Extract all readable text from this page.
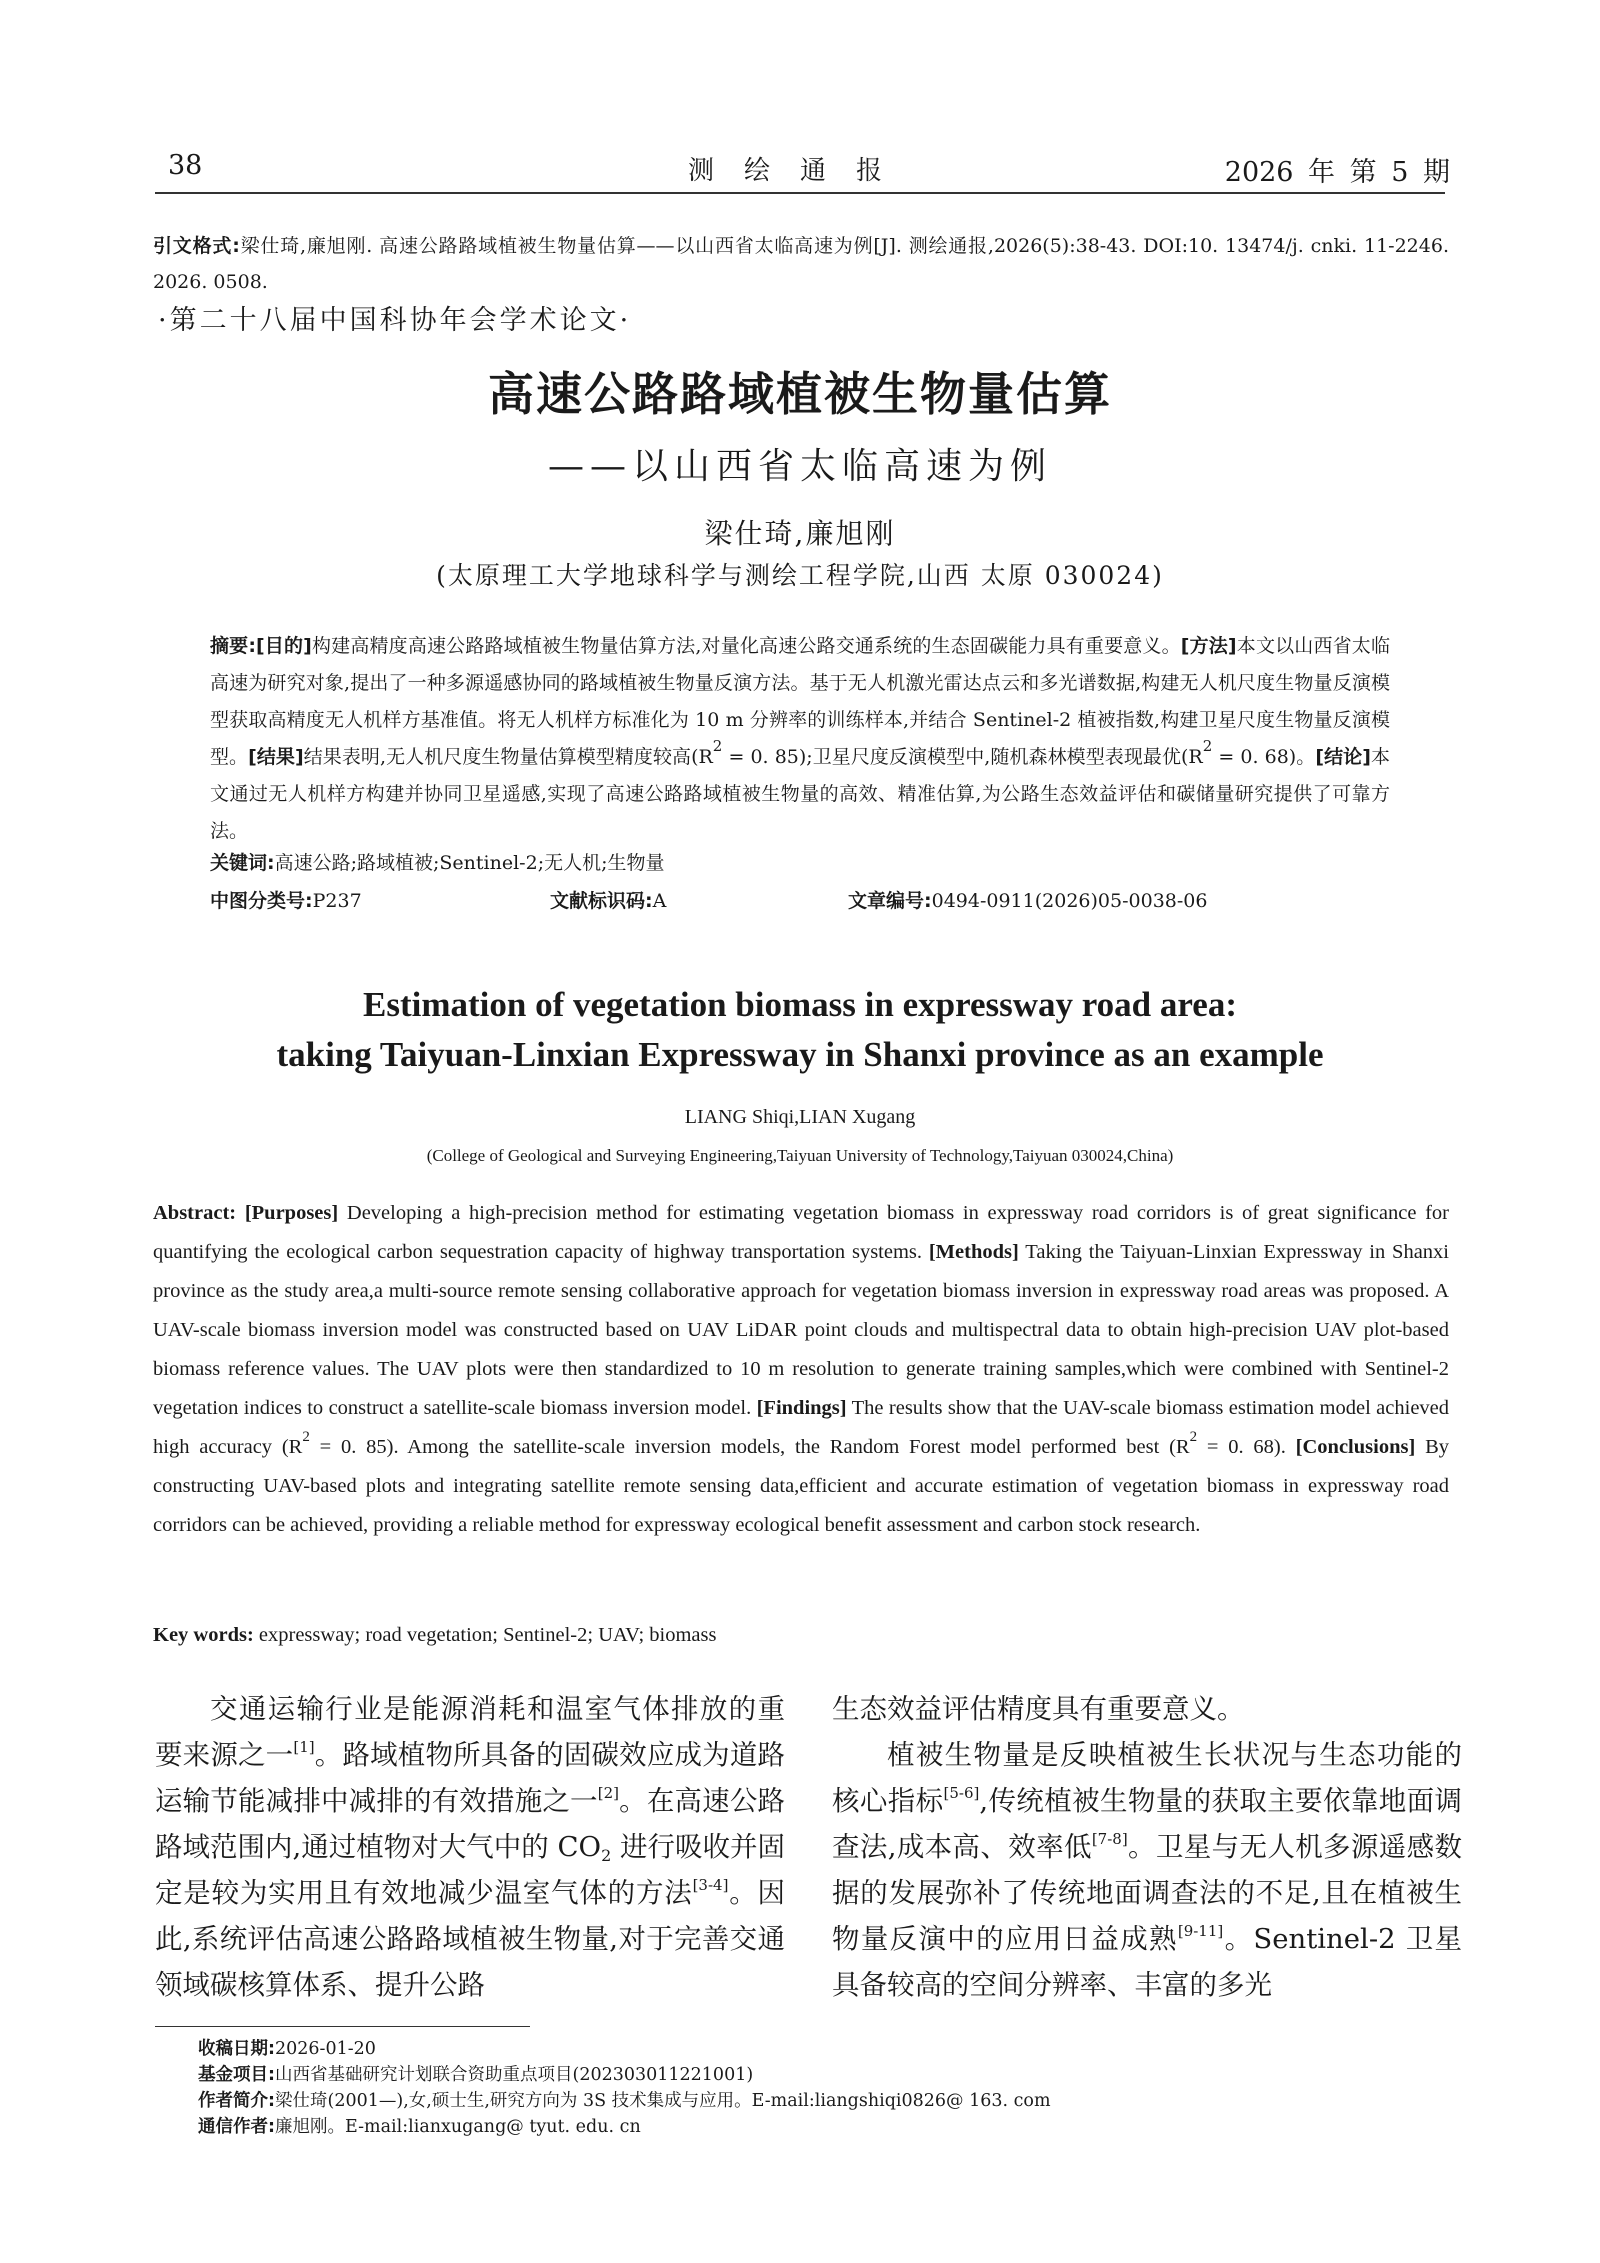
38	测绘通报	2026 年 第 5 期
引文格式:梁仕琦,廉旭刚. 高速公路路域植被生物量估算——以山西省太临高速为例[J]. 测绘通报,2026(5):38-43. DOI:10. 13474/j. cnki. 11-2246. 2026. 0508.
·第二十八届中国科协年会学术论文·
高速公路路域植被生物量估算
——以山西省太临高速为例
梁仕琦,廉旭刚
(太原理工大学地球科学与测绘工程学院,山西 太原 030024)
摘要:[目的]构建高精度高速公路路域植被生物量估算方法,对量化高速公路交通系统的生态固碳能力具有重要意义。[方法]本文以山西省太临高速为研究对象,提出了一种多源遥感协同的路域植被生物量反演方法。基于无人机激光雷达点云和多光谱数据,构建无人机尺度生物量反演模型获取高精度无人机样方基准值。将无人机样方标准化为 10 m 分辨率的训练样本,并结合 Sentinel-2 植被指数,构建卫星尺度生物量反演模型。[结果]结果表明,无人机尺度生物量估算模型精度较高($R^2 = 0$. 85);卫星尺度反演模型中,随机森林模型表现最优($R^2 = 0$. 68)。[结论]本文通过无人机样方构建并协同卫星遥感,实现了高速公路路域植被生物量的高效、精准估算,为公路生态效益评估和碳储量研究提供了可靠方法。
关键词:高速公路;路域植被;Sentinel-2;无人机;生物量
中图分类号:P237	文献标识码:A	文章编号:0494-0911(2026)05-0038-06
Estimation of vegetation biomass in expressway road area:
taking Taiyuan-Linxian Expressway in Shanxi province as an example
LIANG Shiqi,LIAN Xugang
(College of Geological and Surveying Engineering,Taiyuan University of Technology,Taiyuan 030024,China)
Abstract: [Purposes] Developing a high-precision method for estimating vegetation biomass in expressway road corridors is of great significance for quantifying the ecological carbon sequestration capacity of highway transportation systems. [Methods] Taking the Taiyuan-Linxian Expressway in Shanxi province as the study area,a multi-source remote sensing collaborative approach for vegetation biomass inversion in expressway road areas was proposed. A UAV-scale biomass inversion model was constructed based on UAV LiDAR point clouds and multispectral data to obtain high-precision UAV plot-based biomass reference values. The UAV plots were then standardized to 10 m resolution to generate training samples,which were combined with Sentinel-2 vegetation indices to construct a satellite-scale biomass inversion model. [Findings] The results show that the UAV-scale biomass estimation model achieved high accuracy ($R^2 = 0$. 85). Among the satellite-scale inversion models, the Random Forest model performed best ($R^2 = 0$. 68). [Conclusions] By constructing UAV-based plots and integrating satellite remote sensing data,efficient and accurate estimation of vegetation biomass in expressway road corridors can be achieved, providing a reliable method for expressway ecological benefit assessment and carbon stock research.
Key words: expressway; road vegetation; Sentinel-2; UAV; biomass

交通运输行业是能源消耗和温室气体排放的重要来源之一[1]。路域植物所具备的固碳效应成为道路运输节能减排中减排的有效措施之一[2]。在高速公路路域范围内,通过植物对大气中的 $CO_2$ 进行吸收并固定是较为实用且有效地减少温室气体的方法[3-4]。因此,系统评估高速公路路域植被生物量,对于完善交通领域碳核算体系、提升公路

生态效益评估精度具有重要意义。

植被生物量是反映植被生长状况与生态功能的核心指标[5-6],传统植被生物量的获取主要依靠地面调查法,成本高、效率低[7-8]。卫星与无人机多源遥感数据的发展弥补了传统地面调查法的不足,且在植被生物量反演中的应用日益成熟[9-11]。Sentinel-2 卫星具备较高的空间分辨率、丰富的多光

收稿日期:2026-01-20
基金项目:山西省基础研究计划联合资助重点项目(202303011221001)
作者简介:梁仕琦(2001—),女,硕士生,研究方向为 3S 技术集成与应用。E-mail:liangshiqi0826@ 163. com
通信作者:廉旭刚。E-mail:lianxugang@ tyut. edu. cn
